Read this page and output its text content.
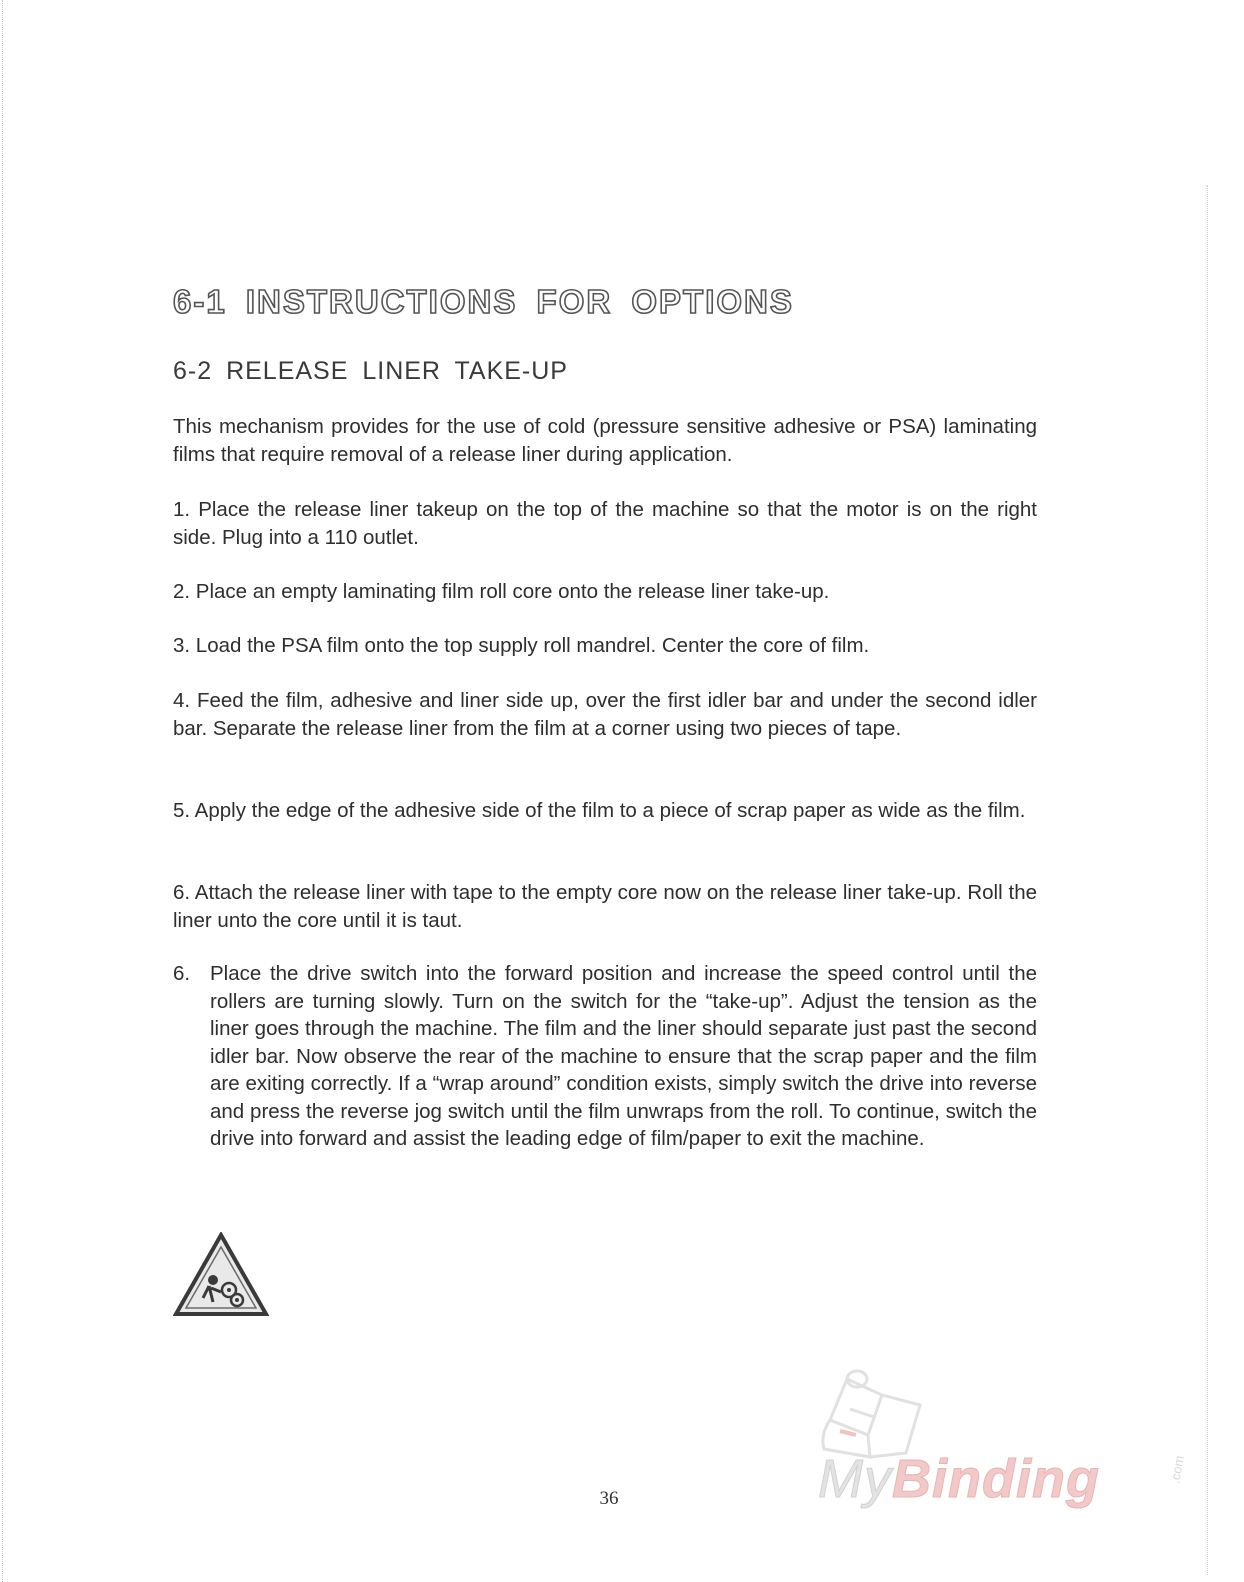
6-1 INSTRUCTIONS FOR OPTIONS
6-2 RELEASE LINER TAKE-UP

This mechanism provides for the use of cold (pressure sensitive adhesive or PSA) laminating films that require removal of a release liner during application.

1. Place the release liner takeup on the top of the machine so that the motor is on the right side. Plug into a 110 outlet.

2. Place an empty laminating film roll core onto the release liner take-up.

3. Load the PSA film onto the top supply roll mandrel. Center the core of film.

4. Feed the film, adhesive and liner side up, over the first idler bar and under the second idler bar. Separate the release liner from the film at a corner using two pieces of tape.

5. Apply the edge of the adhesive side of the film to a piece of scrap paper as wide as the film.

6. Attach the release liner with tape to the empty core now on the release liner take-up. Roll the liner unto the core until it is taut.

6. Place the drive switch into the forward position and increase the speed control until the rollers are turning slowly. Turn on the switch for the “take-up”. Adjust the tension as the liner goes through the machine. The film and the liner should separate just past the second idler bar. Now observe the rear of the machine to ensure that the scrap paper and the film are exiting correctly. If a “wrap around” condition exists, simply switch the drive into reverse and press the reverse jog switch until the film unwraps from the roll. To continue, switch the drive into forward and assist the leading edge of film/paper to exit the machine.

36	MyBinding	.com
